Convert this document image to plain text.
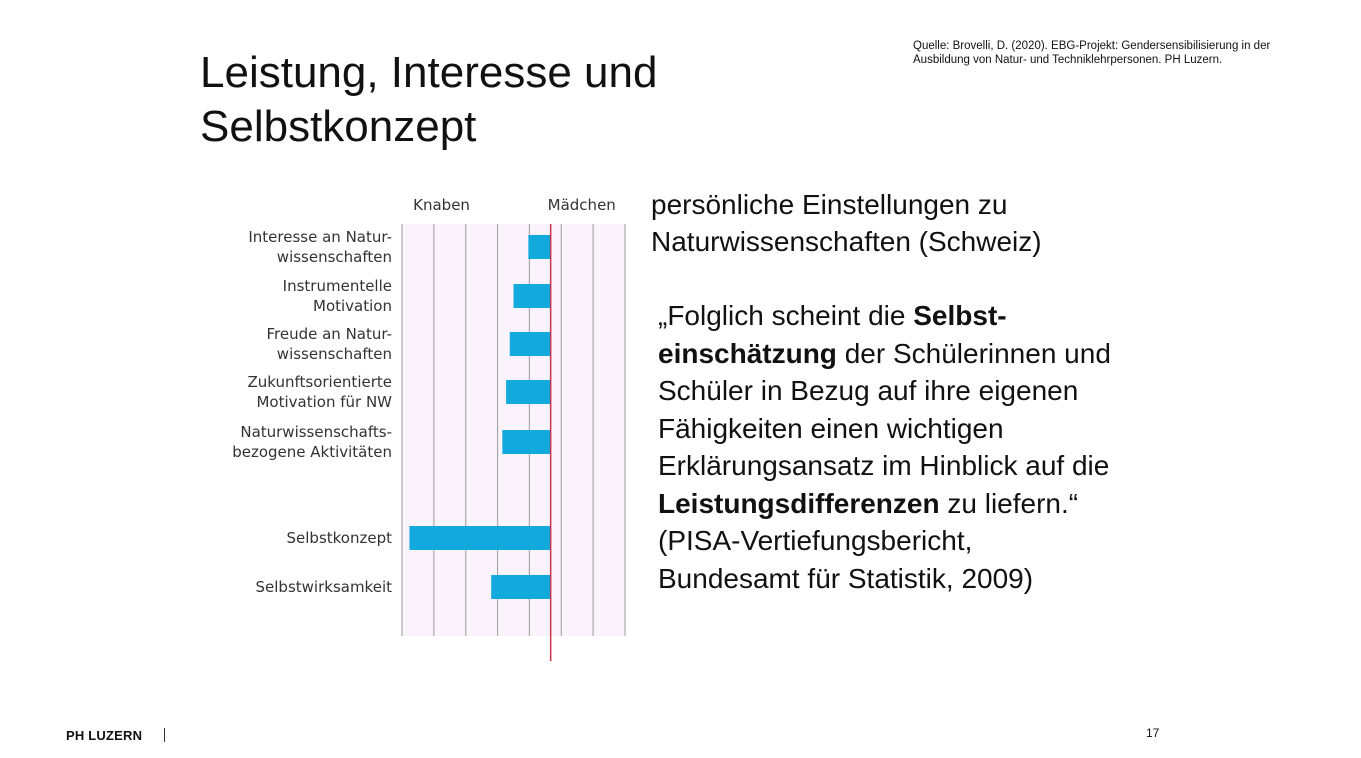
Leistung, Interesse und
Selbstkonzept
Quelle: Brovelli, D. (2020). EBG-Projekt: Gendersensibilisierung in der
Ausbildung von Natur- und Techniklehrpersonen. PH Luzern.
Knaben	Mädchen
Interesse an Natur-
wissenschaften
Instrumentelle
Motivation
Freude an Natur-
wissenschaften
Zukunftsorientierte
Motivation für NW
Naturwissenschafts-
bezogene Aktivitäten
Selbstkonzept
Selbstwirksamkeit
persönliche Einstellungen zu
Naturwissenschaften (Schweiz)
„Folglich scheint die Selbst-
einschätzung der Schülerinnen und
Schüler in Bezug auf ihre eigenen
Fähigkeiten einen wichtigen
Erklärungsansatz im Hinblick auf die
Leistungsdifferenzen zu liefern.“
(PISA-Vertiefungsbericht,
Bundesamt für Statistik, 2009)
PH LUZERN	17
